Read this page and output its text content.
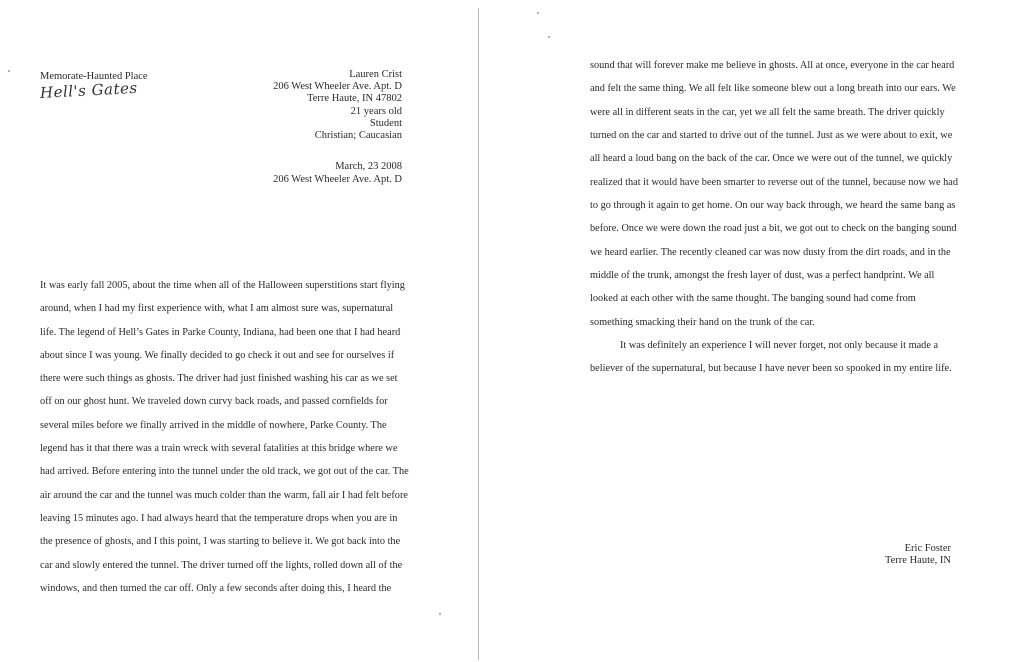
Memorate-Haunted Place
Hell's Gates
Lauren Crist
206 West Wheeler Ave. Apt. D
Terre Haute, IN 47802
21 years old
Student
Christian; Caucasian
March, 23 2008
206 West Wheeler Ave. Apt. D
It was early fall 2005, about the time when all of the Halloween superstitions start flying
around, when I had my first experience with, what I am almost sure was, supernatural
life. The legend of Hell’s Gates in Parke County, Indiana, had been one that I had heard
about since I was young. We finally decided to go check it out and see for ourselves if
there were such things as ghosts. The driver had just finished washing his car as we set
off on our ghost hunt. We traveled down curvy back roads, and passed cornfields for
several miles before we finally arrived in the middle of nowhere, Parke County. The
legend has it that there was a train wreck with several fatalities at this bridge where we
had arrived. Before entering into the tunnel under the old track, we got out of the car. The
air around the car and the tunnel was much colder than the warm, fall air I had felt before
leaving 15 minutes ago. I had always heard that the temperature drops when you are in
the presence of ghosts, and I this point, I was starting to believe it. We got back into the
car and slowly entered the tunnel. The driver turned off the lights, rolled down all of the
windows, and then turned the car off. Only a few seconds after doing this, I heard the
sound that will forever make me believe in ghosts. All at once, everyone in the car heard
and felt the same thing. We all felt like someone blew out a long breath into our ears. We
were all in different seats in the car, yet we all felt the same breath. The driver quickly
turned on the car and started to drive out of the tunnel. Just as we were about to exit, we
all heard a loud bang on the back of the car. Once we were out of the tunnel, we quickly
realized that it would have been smarter to reverse out of the tunnel, because now we had
to go through it again to get home. On our way back through, we heard the same bang as
before. Once we were down the road just a bit, we got out to check on the banging sound
we heard earlier. The recently cleaned car was now dusty from the dirt roads, and in the
middle of the trunk, amongst the fresh layer of dust, was a perfect handprint. We all
looked at each other with the same thought. The banging sound had come from
something smacking their hand on the trunk of the car.
It was definitely an experience I will never forget, not only because it made a
believer of the supernatural, but because I have never been so spooked in my entire life.
Eric Foster
Terre Haute, IN
